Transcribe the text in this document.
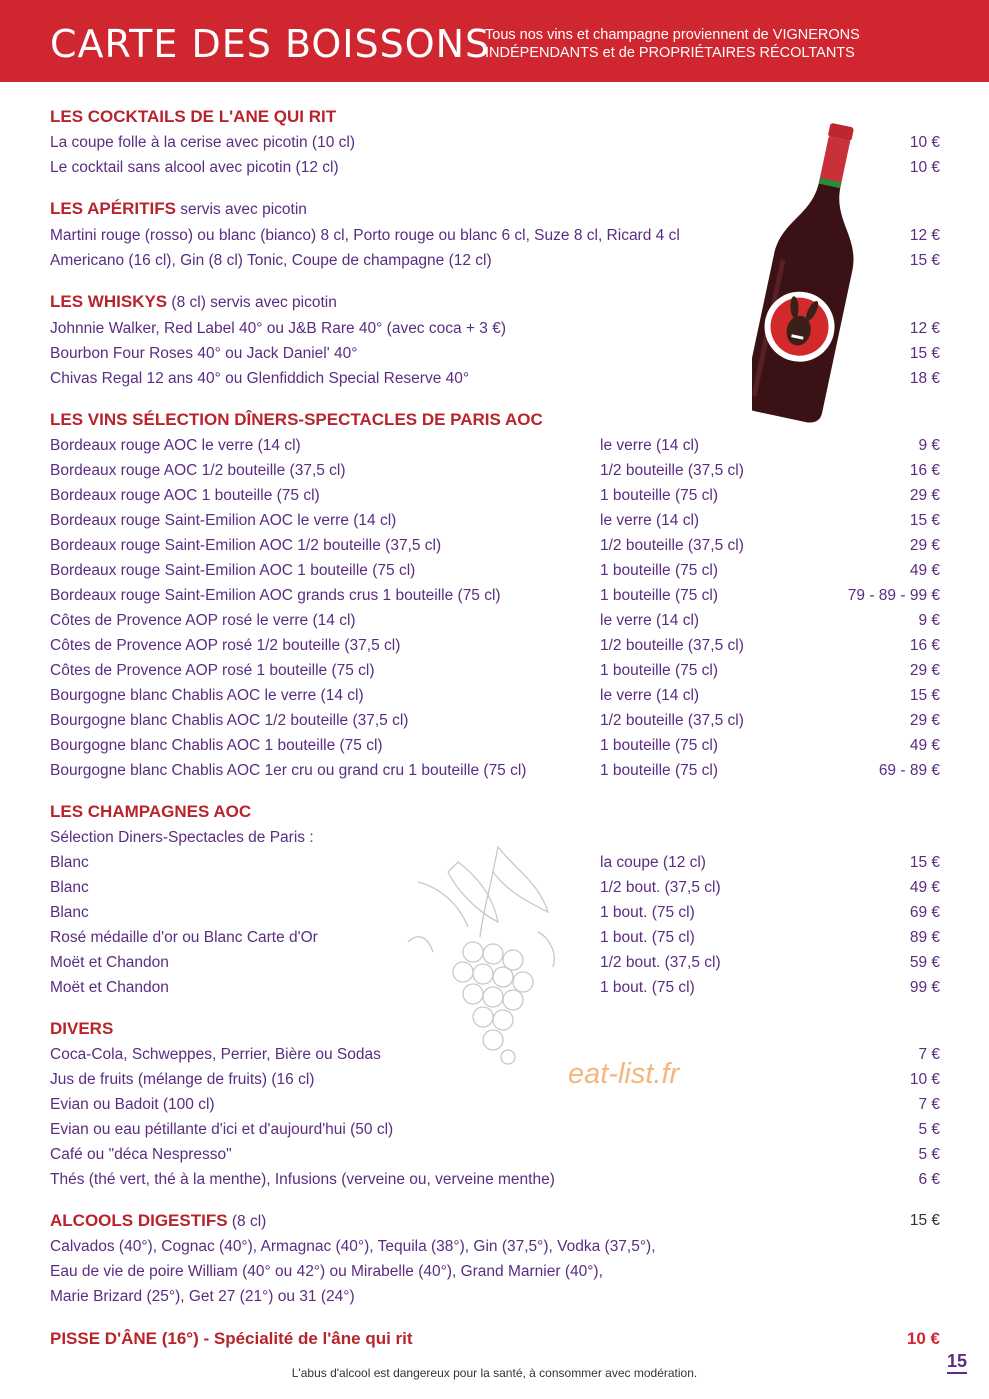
CARTE DES BOISSONS

Tous nos vins et champagne proviennent de VIGNERONS
INDÉPENDANTS et de PROPRIÉTAIRES RÉCOLTANTS

LES COCKTAILS DE L'ANE QUI RIT
La coupe folle à la cerise avec picotin (10 cl)	10 €
Le cocktail sans alcool avec picotin (12 cl)	10 €
LES APÉRITIFS servis avec picotin
Martini rouge (rosso) ou blanc (bianco) 8 cl, Porto rouge ou blanc 6 cl, Suze 8 cl, Ricard 4 cl	12 €
Americano (16 cl), Gin (8 cl) Tonic, Coupe de champagne (12 cl)	15 €
LES WHISKYS (8 cl) servis avec picotin
Johnnie Walker, Red Label 40° ou J&B Rare 40° (avec coca + 3 €)	12 €
Bourbon Four Roses 40° ou Jack Daniel' 40°	15 €
Chivas Regal 12 ans 40° ou Glenfiddich Special Reserve 40°	18 €
LES VINS SÉLECTION DÎNERS-SPECTACLES DE PARIS AOC
Bordeaux rouge AOC le verre (14 cl)	le verre (14 cl)	9 €
Bordeaux rouge AOC 1/2 bouteille (37,5 cl)	1/2 bouteille (37,5 cl)	16 €
Bordeaux rouge AOC 1 bouteille (75 cl)	1 bouteille (75 cl)	29 €
Bordeaux rouge Saint-Emilion AOC le verre (14 cl)	le verre (14 cl)	15 €
Bordeaux rouge Saint-Emilion AOC 1/2 bouteille (37,5 cl)	1/2 bouteille (37,5 cl)	29 €
Bordeaux rouge Saint-Emilion AOC 1 bouteille (75 cl)	1 bouteille (75 cl)	49 €
Bordeaux rouge Saint-Emilion AOC grands crus 1 bouteille (75 cl)	1 bouteille (75 cl)	79 - 89 - 99 €
Côtes de Provence AOP rosé le verre (14 cl)	le verre (14 cl)	9 €
Côtes de Provence AOP rosé 1/2 bouteille (37,5 cl)	1/2 bouteille (37,5 cl)	16 €
Côtes de Provence AOP rosé 1 bouteille (75 cl)	1 bouteille (75 cl)	29 €
Bourgogne blanc Chablis AOC le verre (14 cl)	le verre (14 cl)	15 €
Bourgogne blanc Chablis AOC 1/2 bouteille (37,5 cl)	1/2 bouteille (37,5 cl)	29 €
Bourgogne blanc Chablis AOC 1 bouteille (75 cl)	1 bouteille (75 cl)	49 €
Bourgogne blanc Chablis AOC 1er cru ou grand cru 1 bouteille (75 cl)	1 bouteille (75 cl)	69 - 89 €
LES CHAMPAGNES AOC
Sélection Diners-Spectacles de Paris :
Blanc	la coupe (12 cl)	15 €
Blanc	1/2 bout. (37,5 cl)	49 €
Blanc	1 bout. (75 cl)	69 €
Rosé médaille d'or ou Blanc Carte d'Or	1 bout. (75 cl)	89 €
Moët et Chandon	1/2 bout. (37,5 cl)	59 €
Moët et Chandon	1 bout. (75 cl)	99 €
DIVERS
Coca-Cola, Schweppes, Perrier, Bière ou Sodas	7 €
Jus de fruits (mélange de fruits) (16 cl)	10 €
Evian ou Badoit (100 cl)	7 €
Evian ou eau pétillante d'ici et d'aujourd'hui (50 cl)	5 €
Café ou "déca Nespresso"	5 €
Thés (thé vert, thé à la menthe), Infusions (verveine ou, verveine menthe)	6 €
ALCOOLS DIGESTIFS (8 cl)	15 €
Calvados (40°), Cognac (40°), Armagnac (40°), Tequila (38°), Gin (37,5°), Vodka (37,5°),
Eau de vie de poire William (40° ou 42°) ou Mirabelle (40°), Grand Marnier (40°),
Marie Brizard (25°), Get 27 (21°) ou 31 (24°)
PISSE D'ÂNE (16°) - Spécialité de l'âne qui rit	10 €
eat-list.fr
L'abus d'alcool est dangereux pour la santé, à consommer avec modération.
15
